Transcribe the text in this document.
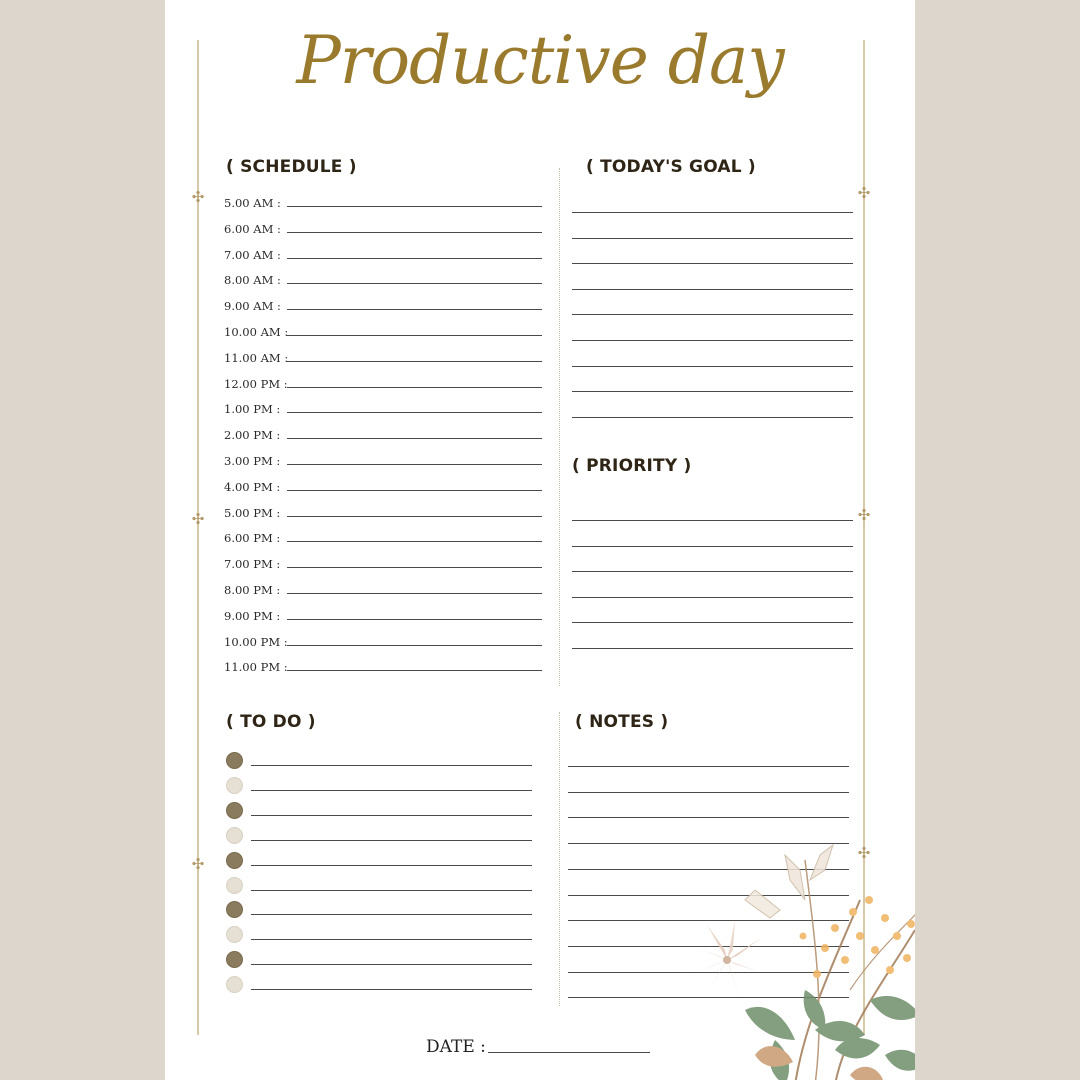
✣
✣
✣
✣
✣
✣
Productive day
( SCHEDULE )
5.00 AM :
6.00 AM :
7.00 AM :
8.00 AM :
9.00 AM :
10.00 AM :
11.00 AM :
12.00 PM :
1.00 PM :
2.00 PM :
3.00 PM :
4.00 PM :
5.00 PM :
6.00 PM :
7.00 PM :
8.00 PM :
9.00 PM :
10.00 PM :
11.00 PM :
( TODAY'S GOAL )
( PRIORITY )
( TO DO )	( NOTES )
DATE :
